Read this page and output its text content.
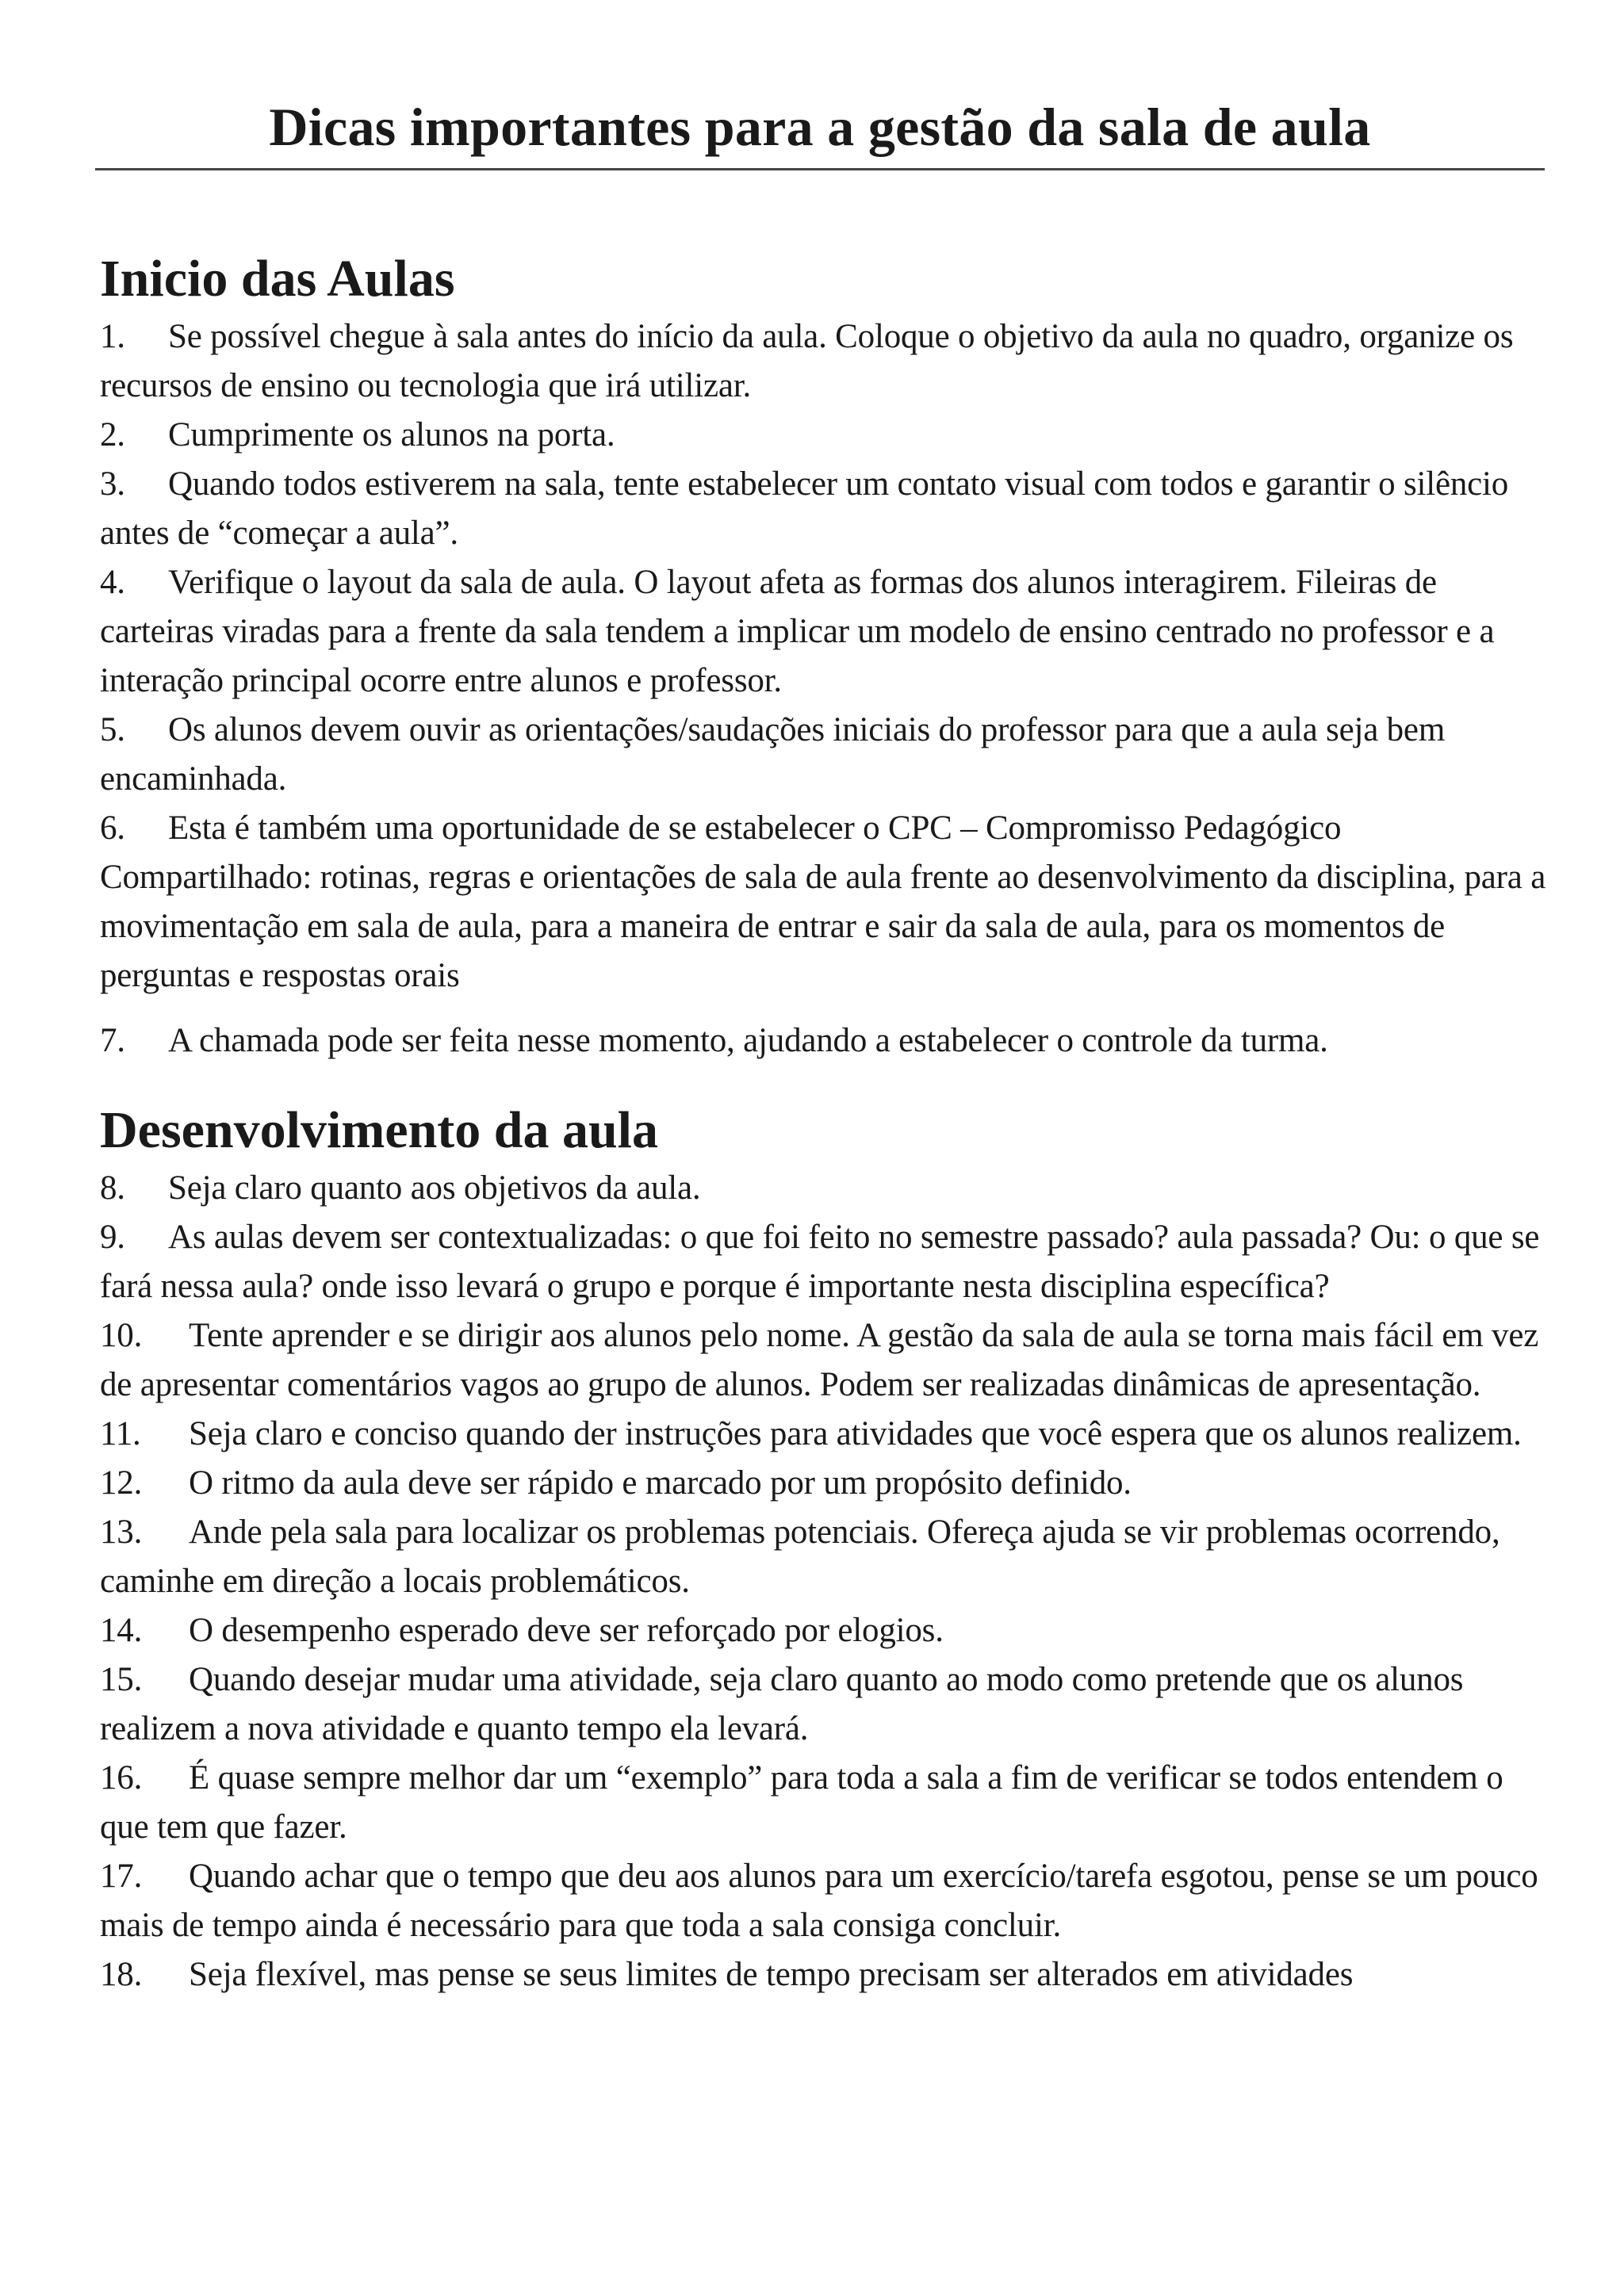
Dicas importantes para a gestão da sala de aula
Inicio das Aulas

1. Se possível chegue à sala antes do início da aula. Coloque o objetivo da aula no quadro, organize os recursos de ensino ou tecnologia que irá utilizar.

2. Cumprimente os alunos na porta.

3. Quando todos estiverem na sala, tente estabelecer um contato visual com todos e garantir o silêncio antes de “começar a aula”.

4. Verifique o layout da sala de aula. O layout afeta as formas dos alunos interagirem. Fileiras de carteiras viradas para a frente da sala tendem a implicar um modelo de ensino centrado no professor e a interação principal ocorre entre alunos e professor.

5. Os alunos devem ouvir as orientações/saudações iniciais do professor para que a aula seja bem encaminhada.

6. Esta é também uma oportunidade de se estabelecer o CPC – Compromisso Pedagógico Compartilhado: rotinas, regras e orientações de sala de aula frente ao desenvolvimento da disciplina, para a movimentação em sala de aula, para a maneira de entrar e sair da sala de aula, para os momentos de perguntas e respostas orais

7. A chamada pode ser feita nesse momento, ajudando a estabelecer o controle da turma.

Desenvolvimento da aula

8. Seja claro quanto aos objetivos da aula.

9. As aulas devem ser contextualizadas: o que foi feito no semestre passado? aula passada? Ou: o que se fará nessa aula? onde isso levará o grupo e porque é importante nesta disciplina específica?

10. Tente aprender e se dirigir aos alunos pelo nome. A gestão da sala de aula se torna mais fácil em vez de apresentar comentários vagos ao grupo de alunos. Podem ser realizadas dinâmicas de apresentação.

11. Seja claro e conciso quando der instruções para atividades que você espera que os alunos realizem.

12. O ritmo da aula deve ser rápido e marcado por um propósito definido.

13. Ande pela sala para localizar os problemas potenciais. Ofereça ajuda se vir problemas ocorrendo, caminhe em direção a locais problemáticos.

14. O desempenho esperado deve ser reforçado por elogios.

15. Quando desejar mudar uma atividade, seja claro quanto ao modo como pretende que os alunos realizem a nova atividade e quanto tempo ela levará.

16. É quase sempre melhor dar um “exemplo” para toda a sala a fim de verificar se todos entendem o que tem que fazer.

17. Quando achar que o tempo que deu aos alunos para um exercício/tarefa esgotou, pense se um pouco mais de tempo ainda é necessário para que toda a sala consiga concluir.

18. Seja flexível, mas pense se seus limites de tempo precisam ser alterados em atividades
